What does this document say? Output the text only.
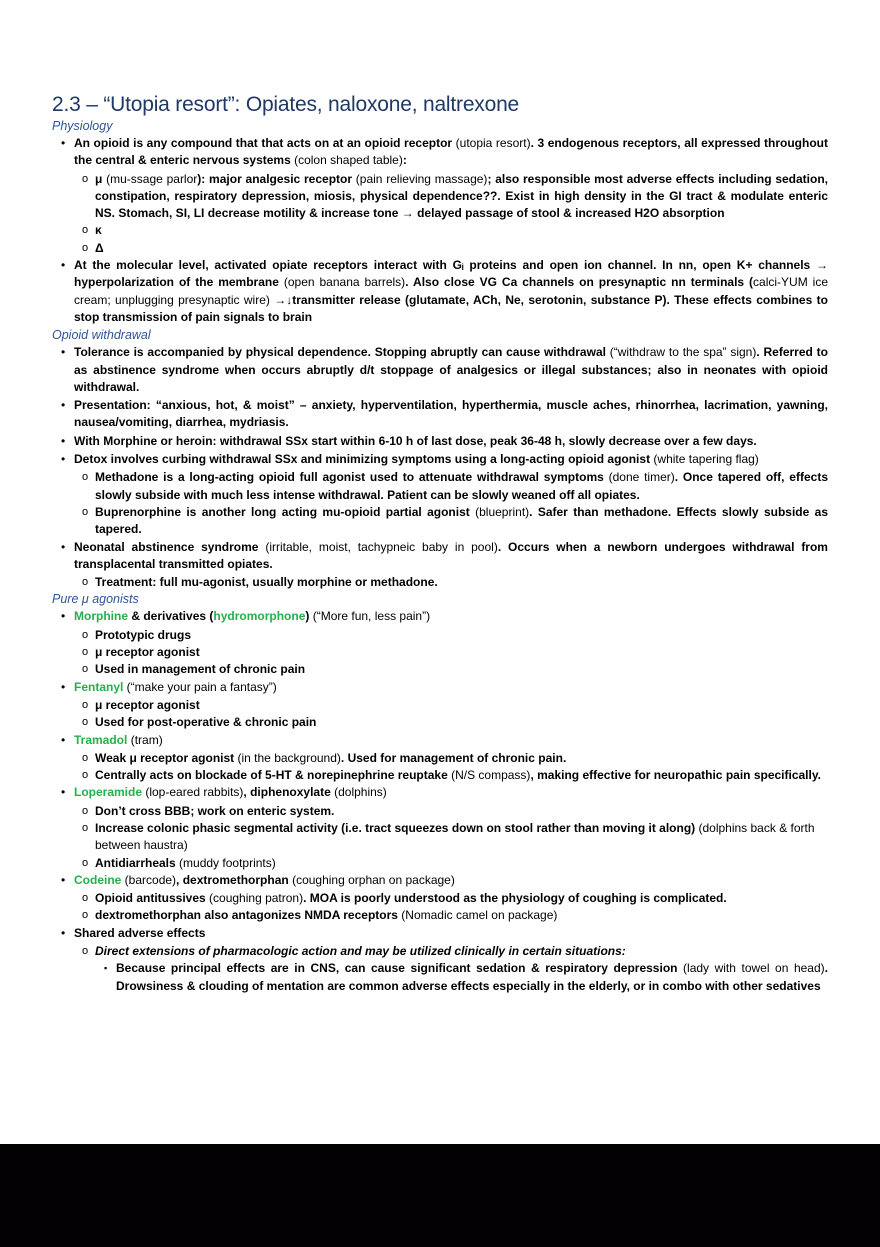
2.3 – “Utopia resort”: Opiates, naloxone, naltrexone

Physiology

• An opioid is any compound that that acts on at an opioid receptor (utopia resort). 3 endogenous receptors, all expressed throughout the central & enteric nervous systems (colon shaped table):
o μ (mu-ssage parlor): major analgesic receptor (pain relieving massage); also responsible most adverse effects including sedation, constipation, respiratory depression, miosis, physical dependence??. Exist in high density in the GI tract & modulate enteric NS. Stomach, SI, LI decrease motility & increase tone → delayed passage of stool & increased H2O absorption
o κ
o Δ
• At the molecular level, activated opiate receptors interact with Gᵢ proteins and open ion channel. In nn, open K+ channels → hyperpolarization of the membrane (open banana barrels). Also close VG Ca channels on presynaptic nn terminals (calci-YUM ice cream; unplugging presynaptic wire) →↓transmitter release (glutamate, ACh, Ne, serotonin, substance P). These effects combines to stop transmission of pain signals to brain

Opioid withdrawal

• Tolerance is accompanied by physical dependence. Stopping abruptly can cause withdrawal (“withdraw to the spa” sign). Referred to as abstinence syndrome when occurs abruptly d/t stoppage of analgesics or illegal substances; also in neonates with opioid withdrawal.
• Presentation: “anxious, hot, & moist” – anxiety, hyperventilation, hyperthermia, muscle aches, rhinorrhea, lacrimation, yawning, nausea/vomiting, diarrhea, mydriasis.
• With Morphine or heroin: withdrawal SSx start within 6-10 h of last dose, peak 36-48 h, slowly decrease over a few days.
• Detox involves curbing withdrawal SSx and minimizing symptoms using a long-acting opioid agonist (white tapering flag)
o Methadone is a long-acting opioid full agonist used to attenuate withdrawal symptoms (done timer). Once tapered off, effects slowly subside with much less intense withdrawal. Patient can be slowly weaned off all opiates.
o Buprenorphine is another long acting mu-opioid partial agonist (blueprint). Safer than methadone. Effects slowly subside as tapered.
• Neonatal abstinence syndrome (irritable, moist, tachypneic baby in pool). Occurs when a newborn undergoes withdrawal from transplacental transmitted opiates.
o Treatment: full mu-agonist, usually morphine or methadone.

Pure μ agonists

• Morphine & derivatives (hydromorphone) (“More fun, less pain”)
o Prototypic drugs
o μ receptor agonist
o Used in management of chronic pain
• Fentanyl (“make your pain a fantasy”)
o μ receptor agonist
o Used for post-operative & chronic pain
• Tramadol (tram)
o Weak μ receptor agonist (in the background). Used for management of chronic pain.
o Centrally acts on blockade of 5-HT & norepinephrine reuptake (N/S compass), making effective for neuropathic pain specifically.
• Loperamide (lop-eared rabbits), diphenoxylate (dolphins)
o Don’t cross BBB; work on enteric system.
o Increase colonic phasic segmental activity (i.e. tract squeezes down on stool rather than moving it along) (dolphins back & forth between haustra)
o Antidiarrheals (muddy footprints)
• Codeine (barcode), dextromethorphan (coughing orphan on package)
o Opioid antitussives (coughing patron). MOA is poorly understood as the physiology of coughing is complicated.
o dextromethorphan also antagonizes NMDA receptors (Nomadic camel on package)
• Shared adverse effects
o Direct extensions of pharmacologic action and may be utilized clinically in certain situations:
▪ Because principal effects are in CNS, can cause significant sedation & respiratory depression (lady with towel on head). Drowsiness & clouding of mentation are common adverse effects especially in the elderly, or in combo with other sedatives
